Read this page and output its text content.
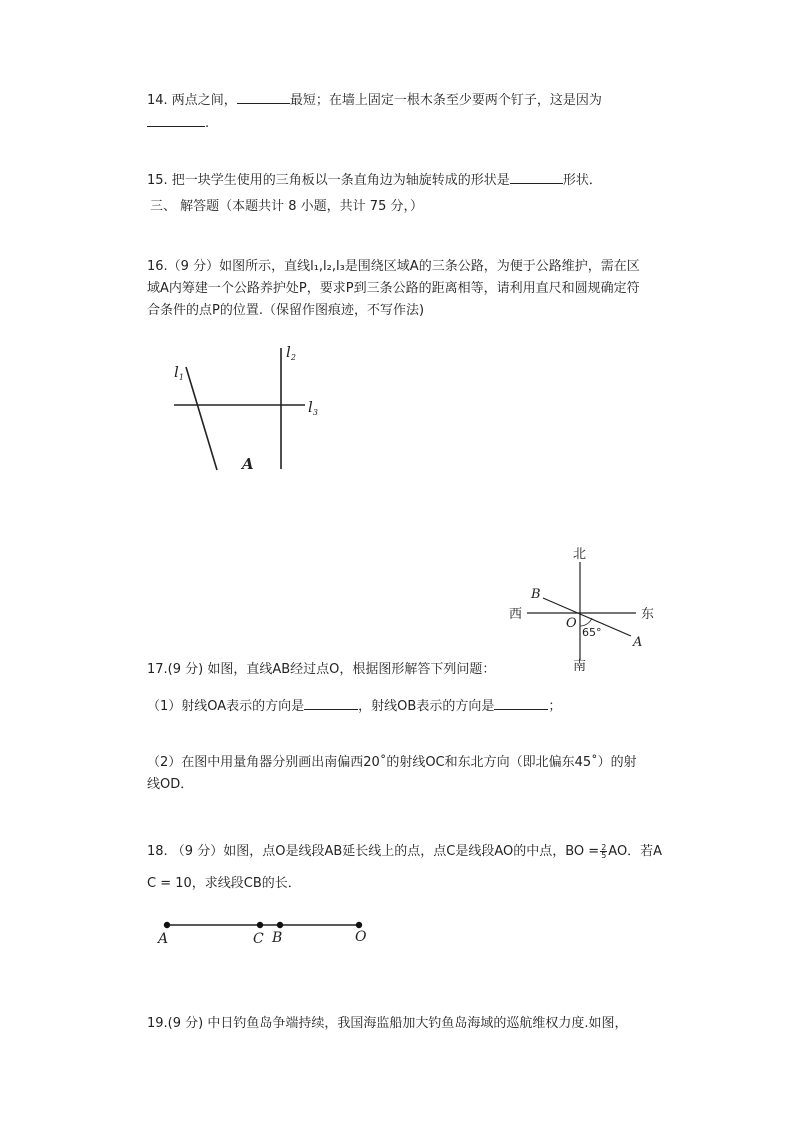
14. 两点之间，	最短；在墙上固定一根木条至少要两个钉子，这是因为
.
15. 把一块学生使用的三角板以一条直角边为轴旋转成的形状是	形状．
三、 解答题（本题共计 8 小题，共计 75 分，）
16.（9 分）如图所示，直线l₁,l₂,l₃是围绕区域A的三条公路，为便于公路维护，需在区
域A内筹建一个公路养护处P，要求P到三条公路的距离相等，请利用直尺和圆规确定符
合条件的点P的位置.（保留作图痕迹，不写作法)
$l_1$
$l_2$
$l_3$
A
北
南
西	东
B
O
A
65°
17.(9 分) 如图，直线AB经过点O，根据图形解答下列问题：
（1）射线OA表示的方向是	，射线OB表示的方向是	；
（2）在图中用量角器分别画出南偏西20˚的射线OC和东北方向（即北偏东45˚）的射
线OD．
18. （9 分）如图，点O是线段AB延长线上的点，点C是线段AO的中点，BO = $\frac{2}{5}$ AO．若A
C = 10，求线段CB的长．
A	C B	O
19.(9 分) 中日钓鱼岛争端持续，我国海监船加大钓鱼岛海域的巡航维权力度.如图，
